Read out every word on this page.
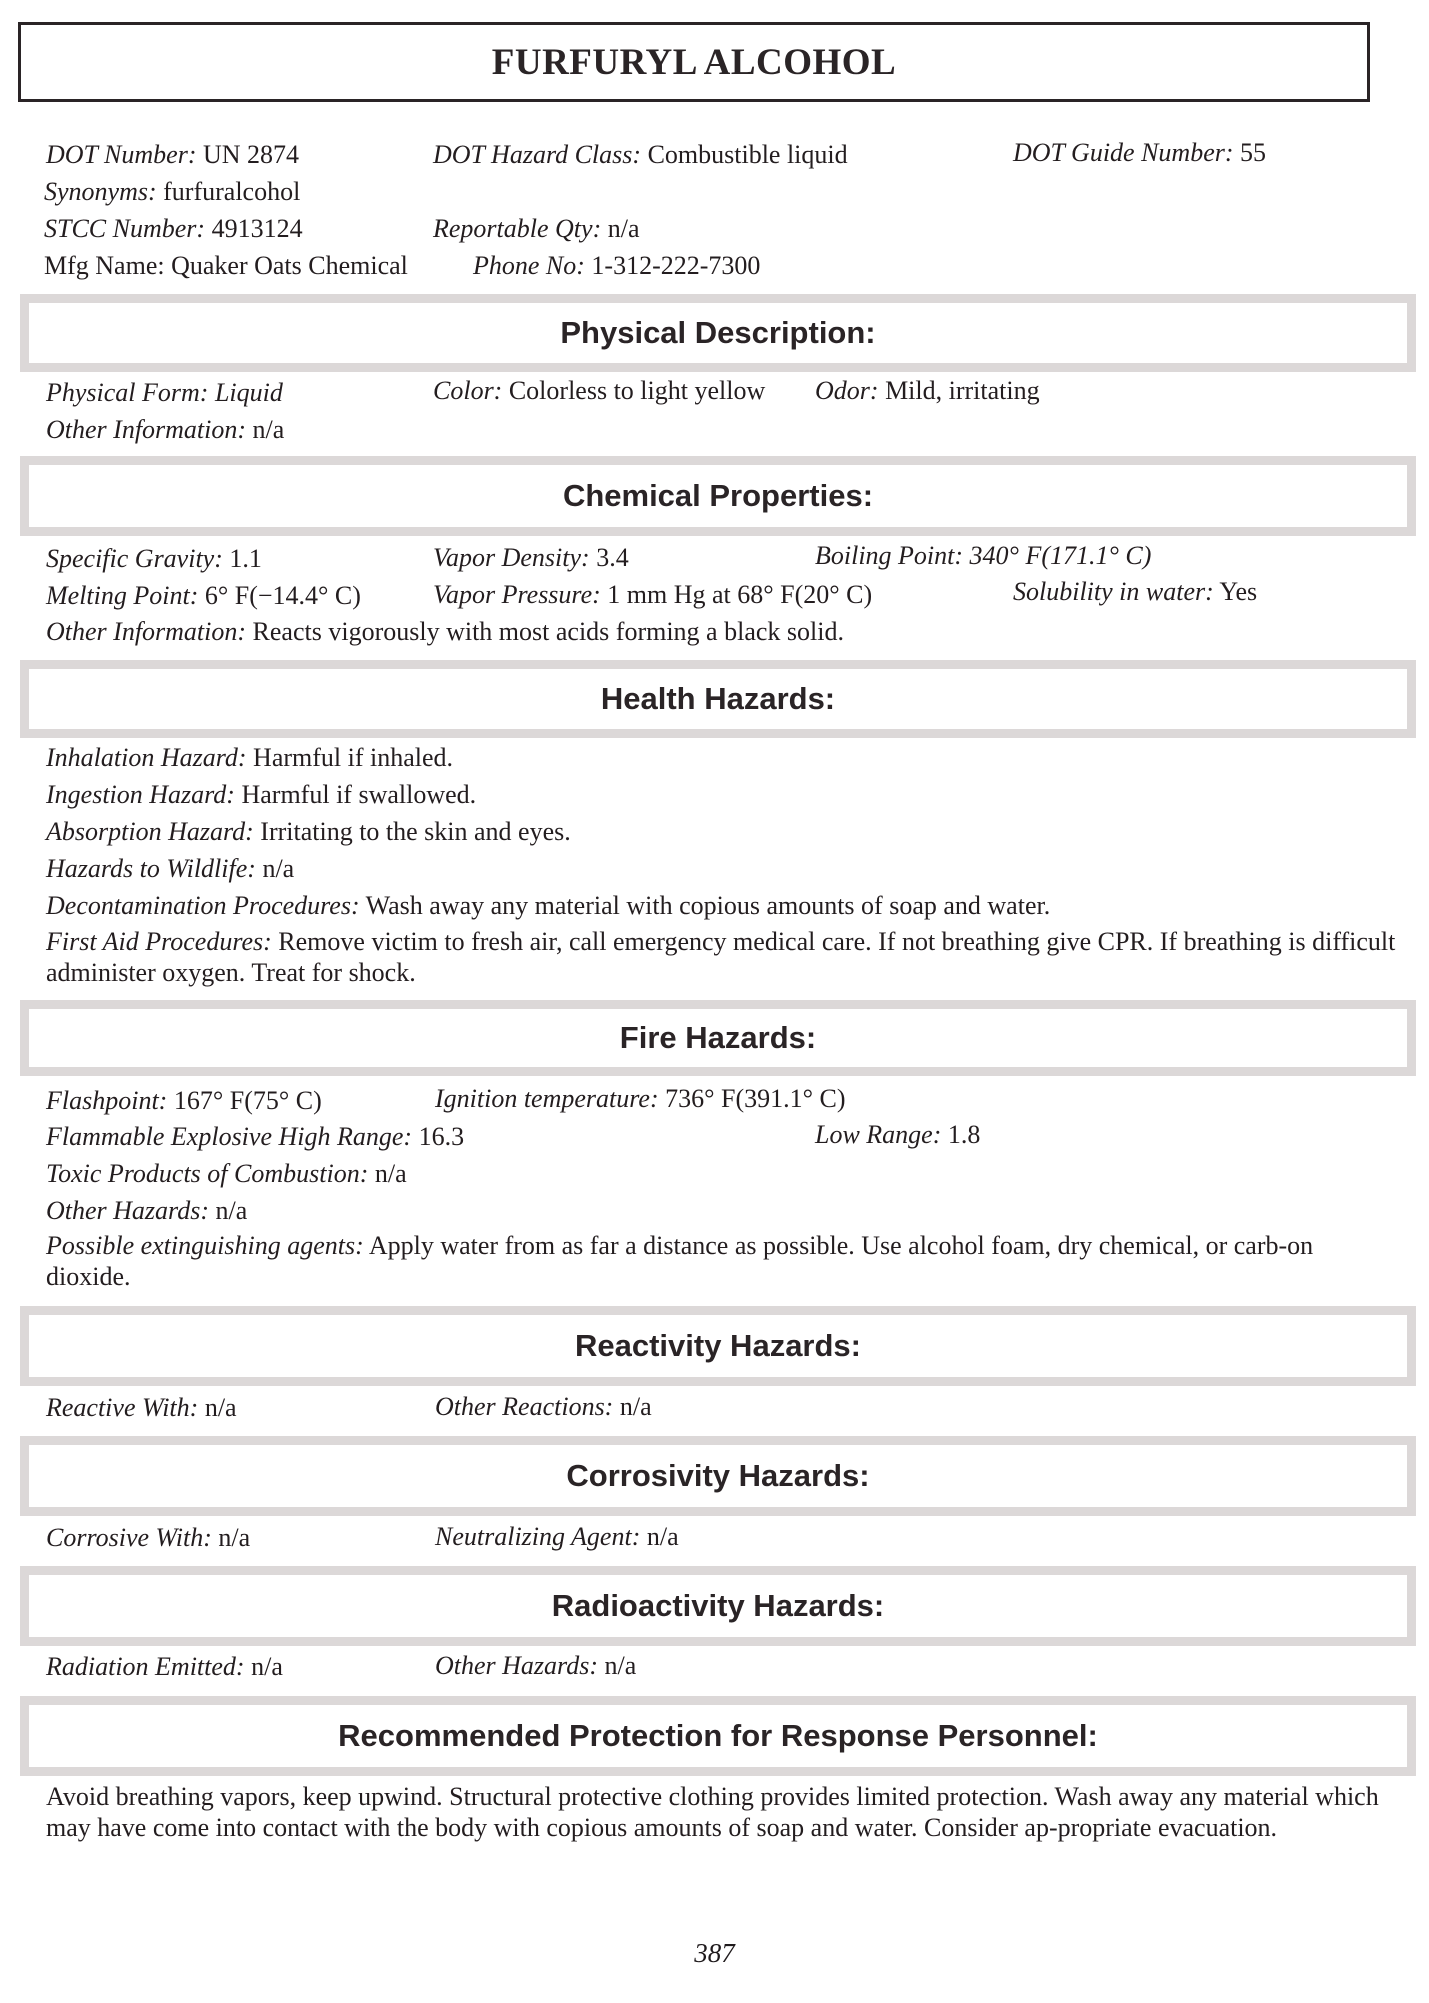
FURFURYL ALCOHOL
DOT Number: UN 2874	DOT Hazard Class: Combustible liquid	DOT Guide Number: 55
Synonyms: furfuralcohol
STCC Number: 4913124	Reportable Qty: n/a
Mfg Name: Quaker Oats Chemical	Phone No: 1-312-222-7300
Physical Description:
Physical Form: Liquid	Color: Colorless to light yellow Odor: Mild, irritating
Other Information: n/a
Chemical Properties:
Specific Gravity: 1.1	Vapor Density: 3.4	Boiling Point: 340° F(171.1° C)
Melting Point: 6° F(−14.4° C)	Vapor Pressure: 1 mm Hg at 68° F(20° C)	Solubility in water: Yes
Other Information: Reacts vigorously with most acids forming a black solid.
Health Hazards:
Inhalation Hazard: Harmful if inhaled.
Ingestion Hazard: Harmful if swallowed.
Absorption Hazard: Irritating to the skin and eyes.
Hazards to Wildlife: n/a
Decontamination Procedures: Wash away any material with copious amounts of soap and water.
First Aid Procedures: Remove victim to fresh air, call emergency medical care. If not breathing give CPR. If breathing is difficult administer oxygen. Treat for shock.
Fire Hazards:
Flashpoint: 167° F(75° C)	Ignition temperature: 736° F(391.1° C)
Flammable Explosive High Range: 16.3	Low Range: 1.8
Toxic Products of Combustion: n/a
Other Hazards: n/a
Possible extinguishing agents: Apply water from as far a distance as possible. Use alcohol foam, dry chemical, or carb-on dioxide.
Reactivity Hazards:
Reactive With: n/a	Other Reactions: n/a
Corrosivity Hazards:
Corrosive With: n/a	Neutralizing Agent: n/a
Radioactivity Hazards:
Radiation Emitted: n/a	Other Hazards: n/a
Recommended Protection for Response Personnel:
Avoid breathing vapors, keep upwind. Structural protective clothing provides limited protection. Wash away any material which may have come into contact with the body with copious amounts of soap and water. Consider ap-propriate evacuation.
387
